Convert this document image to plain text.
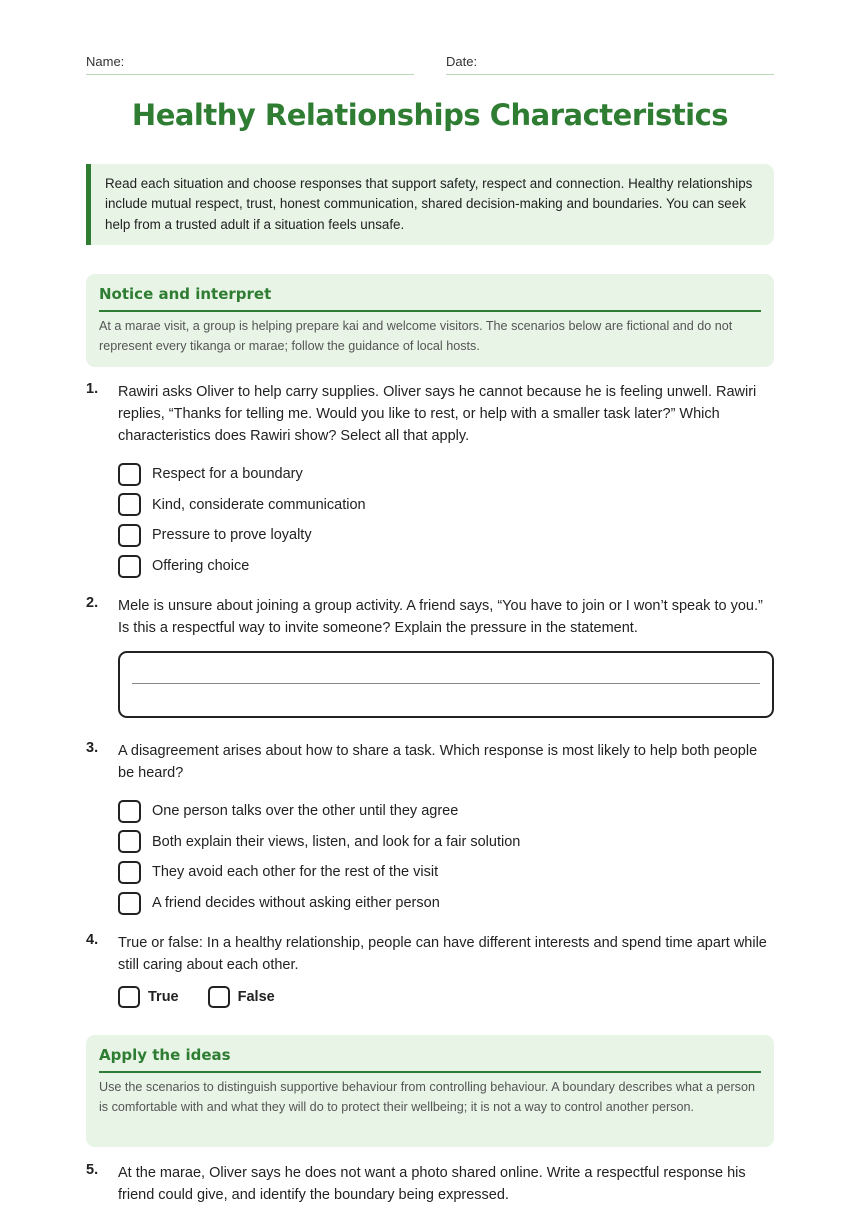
Name:	Date:
Healthy Relationships Characteristics
Read each situation and choose responses that support safety, respect and connection. Healthy relationships include mutual respect, trust, honest communication, shared decision-making and boundaries. You can seek help from a trusted adult if a situation feels unsafe.
Notice and interpret
At a marae visit, a group is helping prepare kai and welcome visitors. The scenarios below are fictional and do not represent every tikanga or marae; follow the guidance of local hosts.
1. Rawiri asks Oliver to help carry supplies. Oliver says he cannot because he is feeling unwell. Rawiri replies, “Thanks for telling me. Would you like to rest, or help with a smaller task later?” Which characteristics does Rawiri show? Select all that apply.
Respect for a boundary
Kind, considerate communication
Pressure to prove loyalty
Offering choice
2. Mele is unsure about joining a group activity. A friend says, “You have to join or I won’t speak to you.” Is this a respectful way to invite someone? Explain the pressure in the statement.
3. A disagreement arises about how to share a task. Which response is most likely to help both people be heard?
One person talks over the other until they agree
Both explain their views, listen, and look for a fair solution
They avoid each other for the rest of the visit
A friend decides without asking either person
4. True or false: In a healthy relationship, people can have different interests and spend time apart while still caring about each other.
True	False
Apply the ideas
Use the scenarios to distinguish supportive behaviour from controlling behaviour. A boundary describes what a person is comfortable with and what they will do to protect their wellbeing; it is not a way to control another person.
5. At the marae, Oliver says he does not want a photo shared online. Write a respectful response his friend could give, and identify the boundary being expressed.
